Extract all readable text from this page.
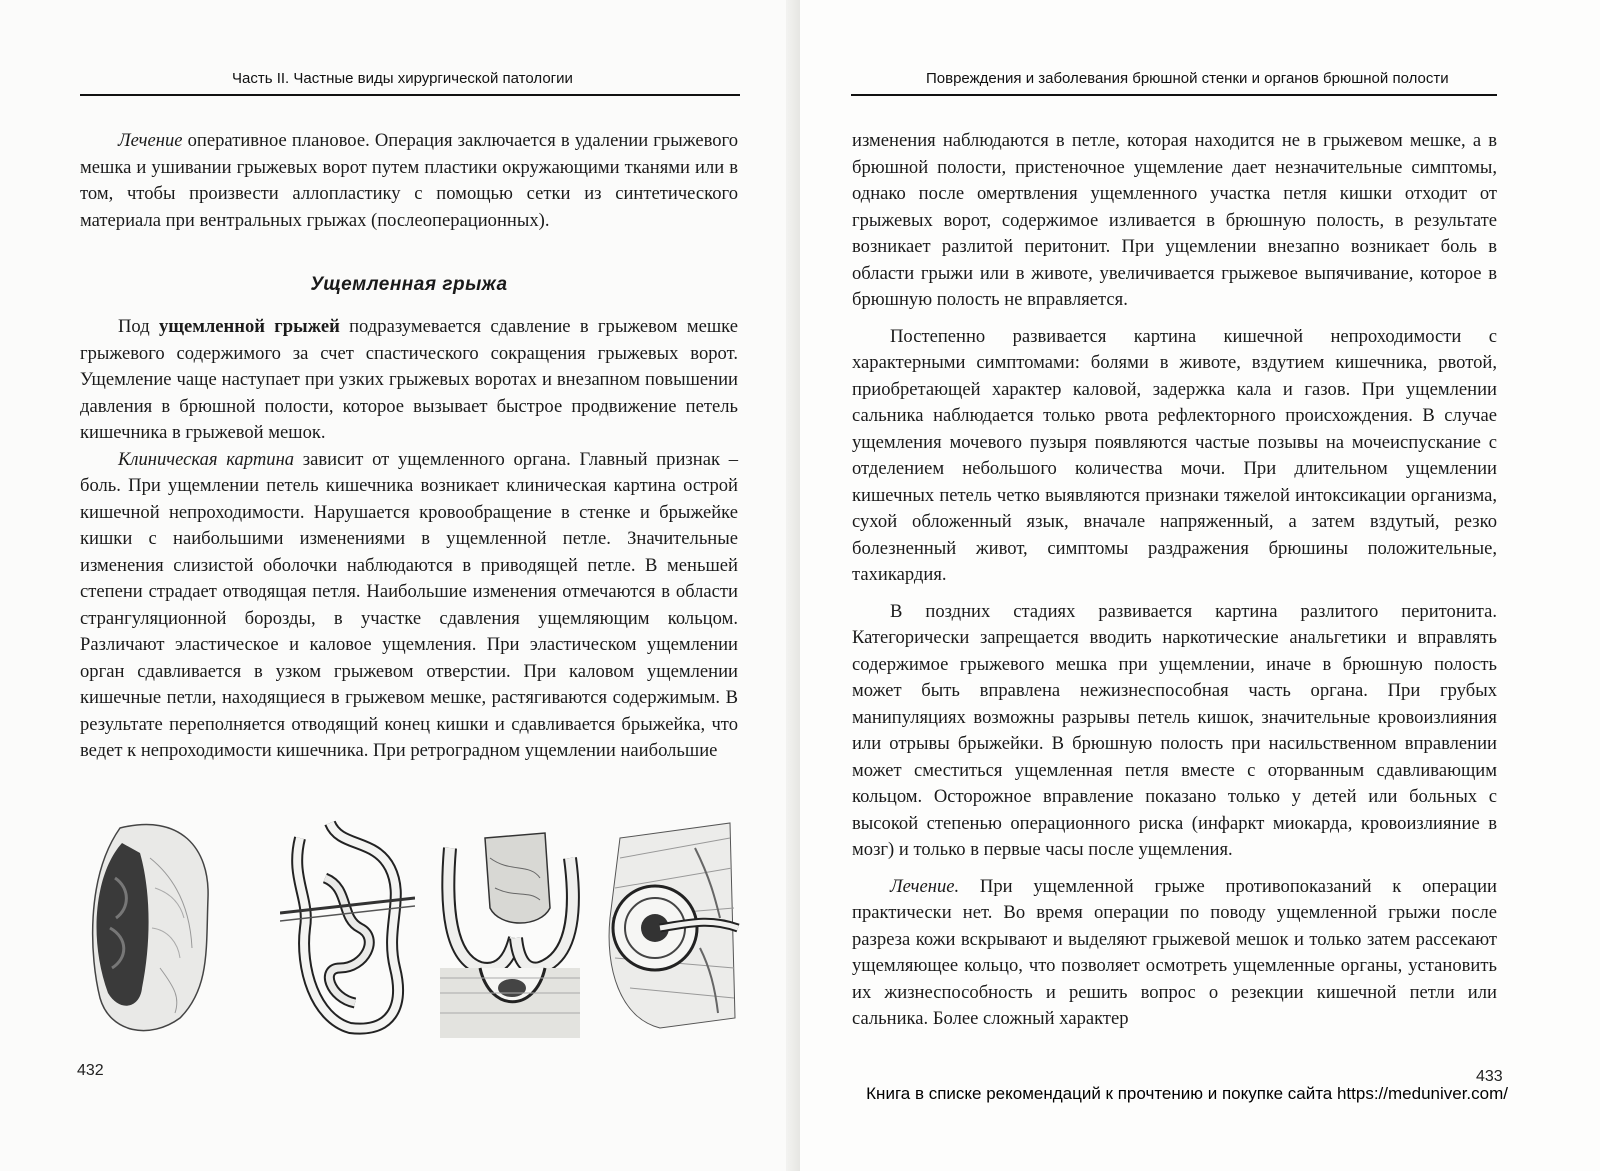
Часть II. Частные виды хирургической патологии

Лечение оперативное плановое. Операция заключается в удалении грыжевого мешка и ушивании грыжевых ворот путем пластики окружающими тканями или в том, чтобы произвести аллопластику с помощью сетки из синтетического материала при вентральных грыжах (послеоперационных).

Ущемленная грыжа

Под ущемленной грыжей подразумевается сдавление в грыжевом мешке грыжевого содержимого за счет спастического сокращения грыжевых ворот. Ущемление чаще наступает при узких грыжевых воротах и внезапном повышении давления в брюшной полости, которое вызывает быстрое продвижение петель кишечника в грыжевой мешок.

Клиническая картина зависит от ущемленного органа. Главный признак – боль. При ущемлении петель кишечника возникает клиническая картина острой кишечной непроходимости. Нарушается кровообращение в стенке и брыжейке кишки с наибольшими изменениями в ущемленной петле. Значительные изменения слизистой оболочки наблюдаются в приводящей петле. В меньшей степени страдает отводящая петля. Наибольшие изменения отмечаются в области странгуляционной борозды, в участке сдавления ущемляющим кольцом. Различают эластическое и каловое ущемления. При эластическом ущемлении орган сдавливается в узком грыжевом отверстии. При каловом ущемлении кишечные петли, находящиеся в грыжевом мешке, растягиваются содержимым. В результате переполняется отводящий конец кишки и сдавливается брыжейка, что ведет к непроходимости кишечника. При ретроградном ущемлении наибольшие

432
Повреждения и заболевания брюшной стенки и органов брюшной полости

изменения наблюдаются в петле, которая находится не в грыжевом мешке, а в брюшной полости, пристеночное ущемление дает незначительные симптомы, однако после омертвления ущемленного участка петля кишки отходит от грыжевых ворот, содержимое изливается в брюшную полость, в результате возникает разлитой перитонит. При ущемлении внезапно возникает боль в области грыжи или в животе, увеличивается грыжевое выпячивание, которое в брюшную полость не вправляется.

Постепенно развивается картина кишечной непроходимости с характерными симптомами: болями в животе, вздутием кишечника, рвотой, приобретающей характер каловой, задержка кала и газов. При ущемлении сальника наблюдается только рвота рефлекторного происхождения. В случае ущемления мочевого пузыря появляются частые позывы на мочеиспускание с отделением небольшого количества мочи. При длительном ущемлении кишечных петель четко выявляются признаки тяжелой интоксикации организма, сухой обложенный язык, вначале напряженный, а затем вздутый, резко болезненный живот, симптомы раздражения брюшины положительные, тахикардия.

В поздних стадиях развивается картина разлитого перитонита. Категорически запрещается вводить наркотические анальгетики и вправлять содержимое грыжевого мешка при ущемлении, иначе в брюшную полость может быть вправлена нежизнеспособная часть органа. При грубых манипуляциях возможны разрывы петель кишок, значительные кровоизлияния или отрывы брыжейки. В брюшную полость при насильственном вправлении может сместиться ущемленная петля вместе с оторванным сдавливающим кольцом. Осторожное вправление показано только у детей или больных с высокой степенью операционного риска (инфаркт миокарда, кровоизлияние в мозг) и только в первые часы после ущемления.

Лечение. При ущемленной грыже противопоказаний к операции практически нет. Во время операции по поводу ущемленной грыжи после разреза кожи вскрывают и выделяют грыжевой мешок и только затем рассекают ущемляющее кольцо, что позволяет осмотреть ущемленные органы, установить их жизнеспособность и решить вопрос о резекции кишечной петли или сальника. Более сложный характер

433
Книга в списке рекомендаций к прочтению и покупке сайта https://meduniver.com/
